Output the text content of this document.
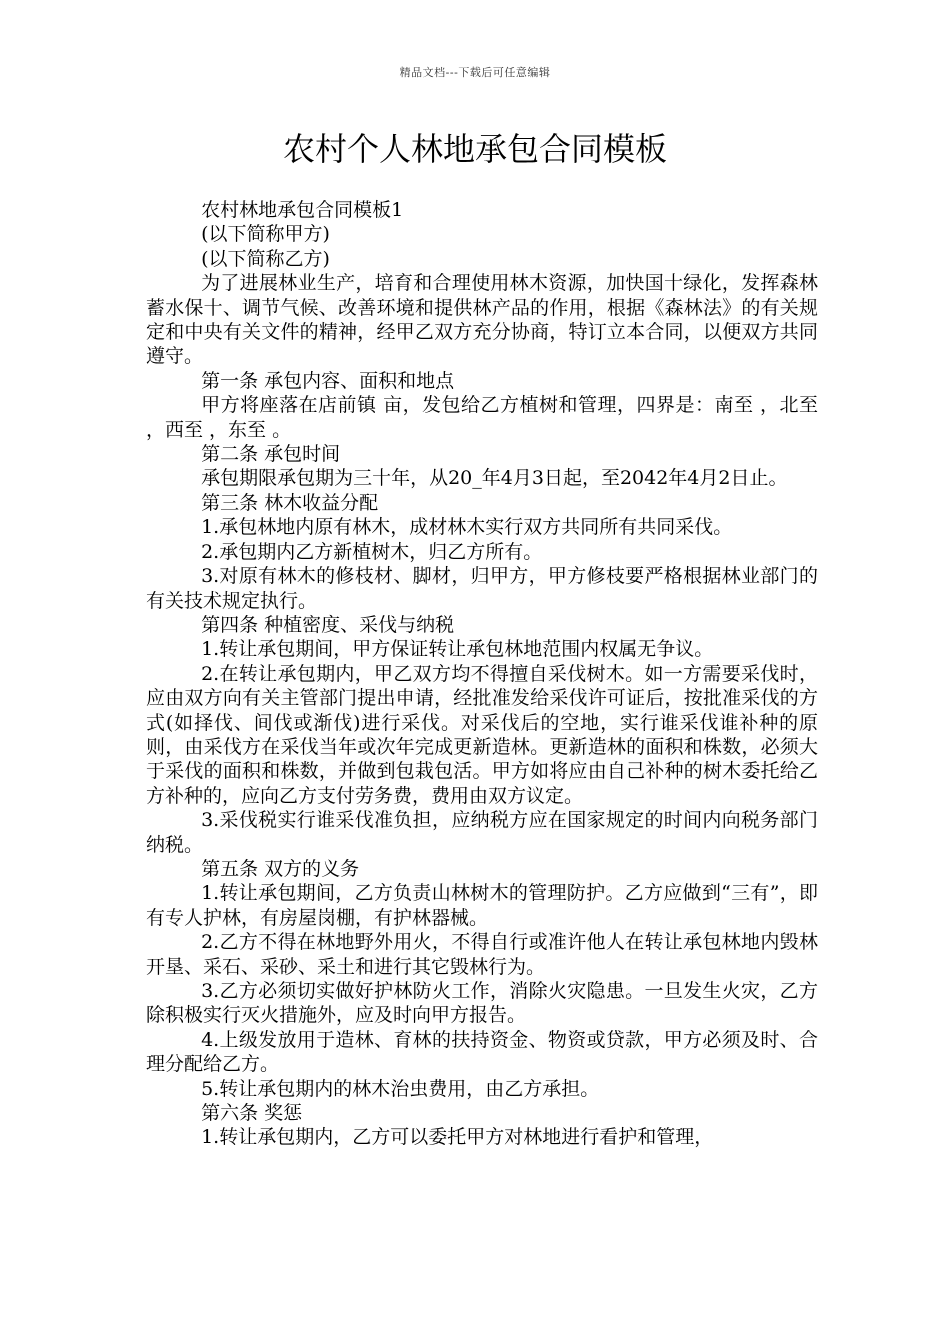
精品文档---下载后可任意编辑
农村个人林地承包合同模板

农村林地承包合同模板1

(以下简称甲方)

(以下简称乙方)

为了进展林业生产，培育和合理使用林木资源，加快国十绿化，发挥森林蓄水保十、调节气候、改善环境和提供林产品的作用，根据《森林法》的有关规定和中央有关文件的精神，经甲乙双方充分协商，特订立本合同，以便双方共同遵守。

第一条 承包内容、面积和地点

甲方将座落在店前镇 亩，发包给乙方植树和管理，四界是：南至 ，北至 ，西至 ，东至 。

第二条 承包时间

承包期限承包期为三十年，从20_年4月3日起，至2042年4月2日止。

第三条 林木收益分配

1.承包林地内原有林木，成材林木实行双方共同所有共同采伐。

2.承包期内乙方新植树木，归乙方所有。

3.对原有林木的修枝材、脚材，归甲方，甲方修枝要严格根据林业部门的有关技术规定执行。

第四条 种植密度、采伐与纳税

1.转让承包期间，甲方保证转让承包林地范围内权属无争议。

2.在转让承包期内，甲乙双方均不得擅自采伐树木。如一方需要采伐时，应由双方向有关主管部门提出申请，经批准发给采伐许可证后，按批准采伐的方式(如择伐、间伐或渐伐)进行采伐。对采伐后的空地，实行谁采伐谁补种的原则，由采伐方在采伐当年或次年完成更新造林。更新造林的面积和株数，必须大于采伐的面积和株数，并做到包栽包活。甲方如将应由自己补种的树木委托给乙方补种的，应向乙方支付劳务费，费用由双方议定。

3.采伐税实行谁采伐准负担，应纳税方应在国家规定的时间内向税务部门纳税。

第五条 双方的义务

1.转让承包期间，乙方负责山林树木的管理防护。乙方应做到“三有”，即有专人护林，有房屋岗棚，有护林器械。

2.乙方不得在林地野外用火，不得自行或准许他人在转让承包林地内毁林开垦、采石、采砂、采土和进行其它毁林行为。

3.乙方必须切实做好护林防火工作，消除火灾隐患。一旦发生火灾，乙方除积极实行灭火措施外，应及时向甲方报告。

4.上级发放用于造林、育林的扶持资金、物资或贷款，甲方必须及时、合理分配给乙方。

5.转让承包期内的林木治虫费用，由乙方承担。

第六条 奖惩

1.转让承包期内，乙方可以委托甲方对林地进行看护和管理，
